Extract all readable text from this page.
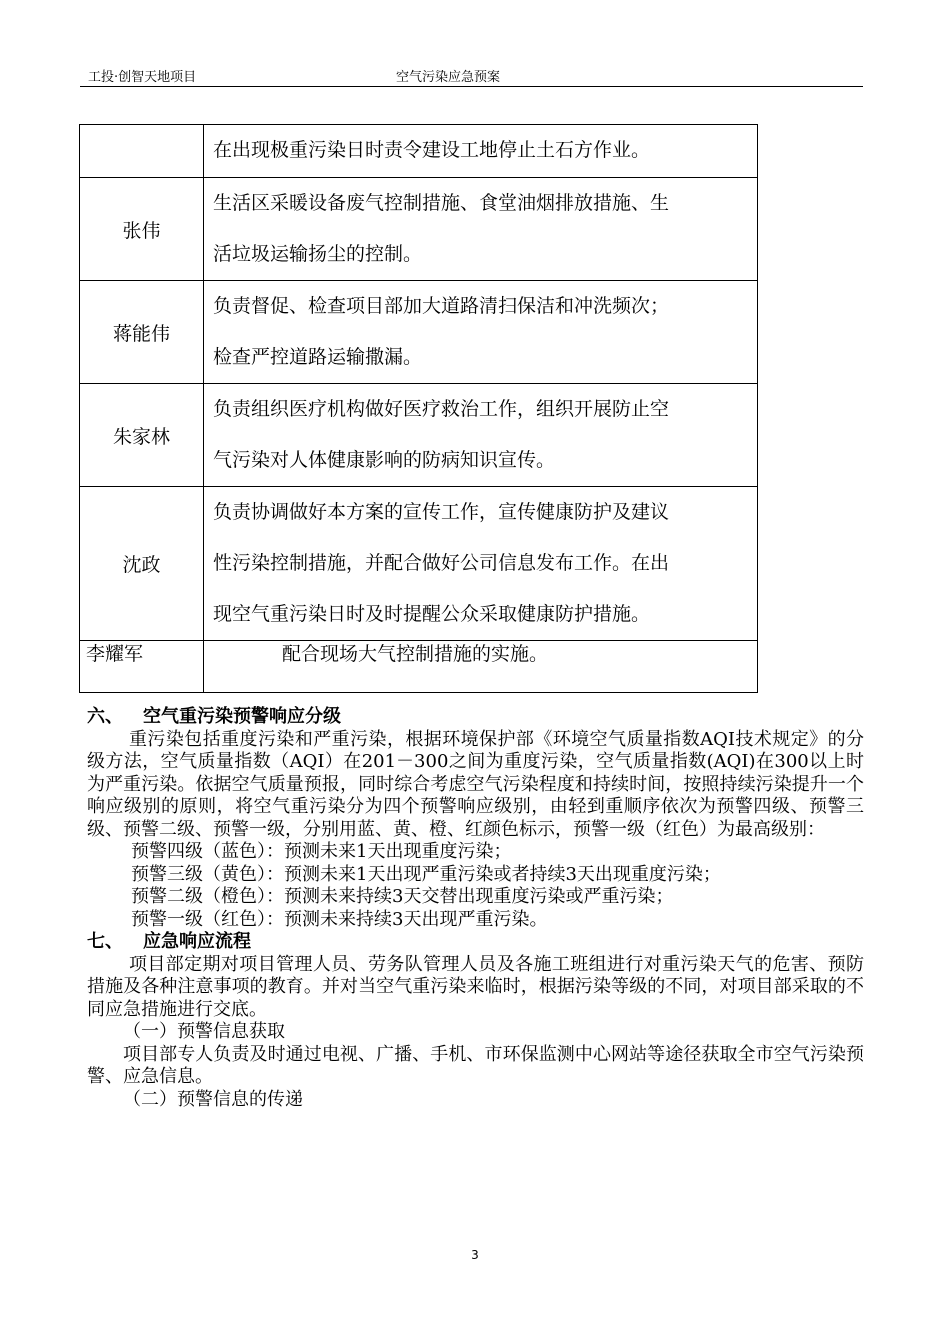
工投·创智天地项目	空气污染应急预案

	在出现极重污染日时责令建设工地停止土石方作业。

张伟	生活区采暖设备废气控制措施、食堂油烟排放措施、生
活垃圾运输扬尘的控制。

蒋能伟	负责督促、检查项目部加大道路清扫保洁和冲洗频次；
检查严控道路运输撒漏。

朱家林	负责组织医疗机构做好医疗救治工作，组织开展防止空
气污染对人体健康影响的防病知识宣传。

沈政	负责协调做好本方案的宣传工作，宣传健康防护及建议
性污染控制措施，并配合做好公司信息发布工作。在出
现空气重污染日时及时提醒公众采取健康防护措施。

李耀军	配合现场大气控制措施的实施。

六、 空气重污染预警响应分级

重污染包括重度污染和严重污染，根据环境保护部《环境空气质量指数AQI技术规定》的分级方法，空气质量指数（AQI）在201－300之间为重度污染，空气质量指数(AQI)在300以上时为严重污染。依据空气质量预报，同时综合考虑空气污染程度和持续时间，按照持续污染提升一个响应级别的原则，将空气重污染分为四个预警响应级别，由轻到重顺序依次为预警四级、预警三级、预警二级、预警一级，分别用蓝、黄、橙、红颜色标示，预警一级（红色）为最高级别：

预警四级（蓝色）：预测未来1天出现重度污染；

预警三级（黄色）：预测未来1天出现严重污染或者持续3天出现重度污染；

预警二级（橙色）：预测未来持续3天交替出现重度污染或严重污染；

预警一级（红色）：预测未来持续3天出现严重污染。

七、 应急响应流程

项目部定期对项目管理人员、劳务队管理人员及各施工班组进行对重污染天气的危害、预防措施及各种注意事项的教育。并对当空气重污染来临时，根据污染等级的不同，对项目部采取的不同应急措施进行交底。

（一）预警信息获取

项目部专人负责及时通过电视、广播、手机、市环保监测中心网站等途径获取全市空气污染预警、应急信息。

（二）预警信息的传递

3
